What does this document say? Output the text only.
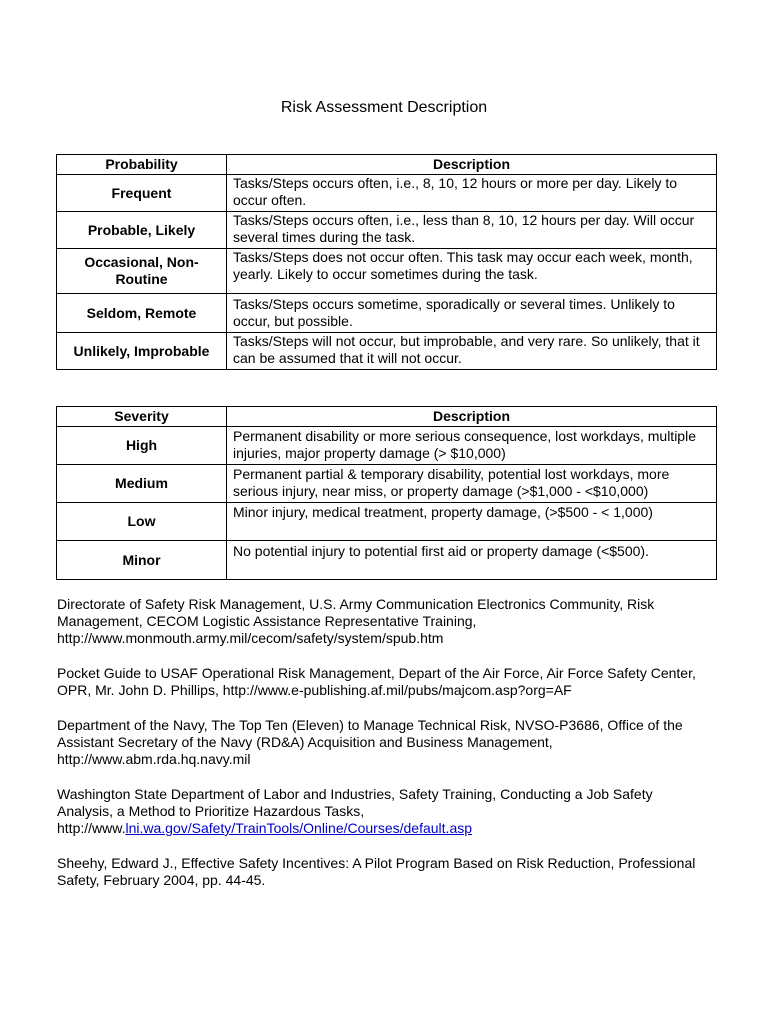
Risk Assessment Description
Probability	Description
Frequent	Tasks/Steps occurs often, i.e., 8, 10, 12 hours or more per day. Likely to occur often.
Probable, Likely	Tasks/Steps occurs often, i.e., less than 8, 10, 12 hours per day. Will occur several times during the task.
Occasional, Non-Routine	Tasks/Steps does not occur often. This task may occur each week, month, yearly. Likely to occur sometimes during the task.
Seldom, Remote	Tasks/Steps occurs sometime, sporadically or several times. Unlikely to occur, but possible.
Unlikely, Improbable	Tasks/Steps will not occur, but improbable, and very rare. So unlikely, that it can be assumed that it will not occur.
Severity	Description
High	Permanent disability or more serious consequence, lost workdays, multiple injuries, major property damage (> $10,000)
Medium	Permanent partial & temporary disability, potential lost workdays, more serious injury, near miss, or property damage (>$1,000 - <$10,000)
Low	Minor injury, medical treatment, property damage, (>$500 - < 1,000)
Minor	No potential injury to potential first aid or property damage (<$500).

Directorate of Safety Risk Management, U.S. Army Communication Electronics Community, Risk Management, CECOM Logistic Assistance Representative Training, http://www.monmouth.army.mil/cecom/safety/system/spub.htm

Pocket Guide to USAF Operational Risk Management, Depart of the Air Force, Air Force Safety Center, OPR, Mr. John D. Phillips, http://www.e-publishing.af.mil/pubs/majcom.asp?org=AF

Department of the Navy, The Top Ten (Eleven) to Manage Technical Risk, NVSO-P3686, Office of the Assistant Secretary of the Navy (RD&A) Acquisition and Business Management, http://www.abm.rda.hq.navy.mil

Washington State Department of Labor and Industries, Safety Training, Conducting a Job Safety Analysis, a Method to Prioritize Hazardous Tasks, http://www.lni.wa.gov/Safety/TrainTools/Online/Courses/default.asp

Sheehy, Edward J., Effective Safety Incentives: A Pilot Program Based on Risk Reduction, Professional Safety, February 2004, pp. 44-45.
